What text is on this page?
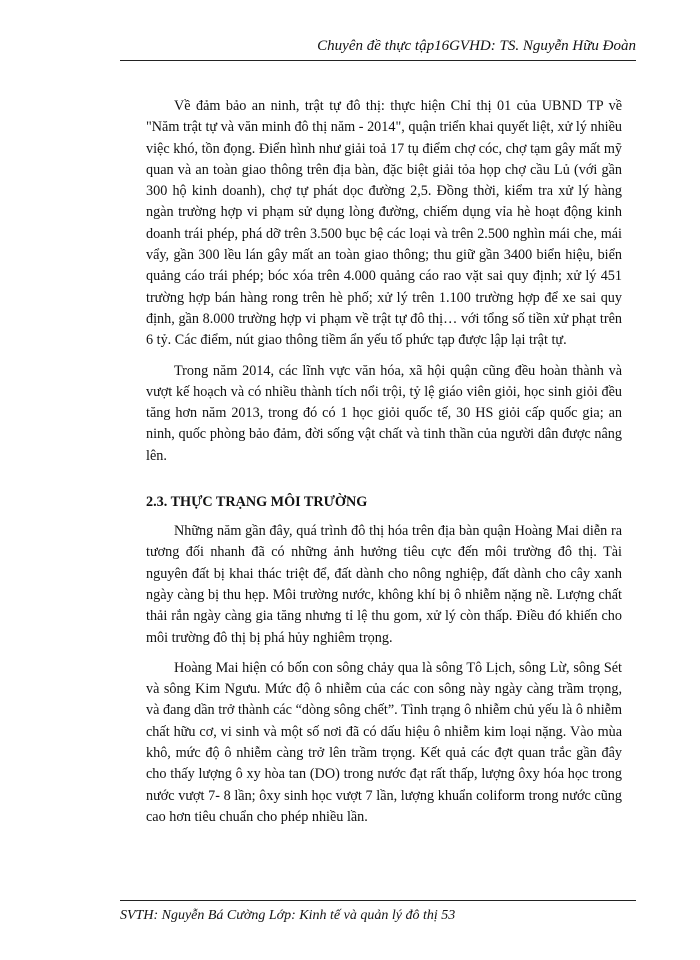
Chuyên đề thực tập16GVHD: TS. Nguyễn Hữu Đoàn

Về đảm bảo an ninh, trật tự đô thị: thực hiện Chỉ thị 01 của UBND TP về "Năm trật tự và văn minh đô thị năm - 2014", quận triển khai quyết liệt, xử lý nhiều việc khó, tồn đọng. Điển hình như giải toả 17 tụ điểm chợ cóc, chợ tạm gây mất mỹ quan và an toàn giao thông trên địa bàn, đặc biệt giải tỏa họp chợ cầu Lủ (với gần 300 hộ kinh doanh), chợ tự phát dọc đường 2,5. Đồng thời, kiểm tra xử lý hàng ngàn trường hợp vi phạm sử dụng lòng đường, chiếm dụng vỉa hè hoạt động kinh doanh trái phép, phá dỡ trên 3.500 bục bệ các loại và trên 2.500 nghìn mái che, mái vẩy, gần 300 lều lán gây mất an toàn giao thông; thu giữ gần 3400 biển hiệu, biển quảng cáo trái phép; bóc xóa trên 4.000 quảng cáo rao vặt sai quy định; xử lý 451 trường hợp bán hàng rong trên hè phố; xử lý trên 1.100 trường hợp để xe sai quy định, gần 8.000 trường hợp vi phạm về trật tự đô thị… với tổng số tiền xử phạt trên 6 tỷ. Các điểm, nút giao thông tiềm ẩn yếu tố phức tạp được lập lại trật tự.

Trong năm 2014, các lĩnh vực văn hóa, xã hội quận cũng đều hoàn thành và vượt kế hoạch và có nhiều thành tích nổi trội, tỷ lệ giáo viên giỏi, học sinh giỏi đều tăng hơn năm 2013, trong đó có 1 học giỏi quốc tế, 30 HS giỏi cấp quốc gia; an ninh, quốc phòng bảo đảm, đời sống vật chất và tinh thần của người dân được nâng lên.

2.3. THỰC TRẠNG MÔI TRƯỜNG

Những năm gần đây, quá trình đô thị hóa trên địa bàn quận Hoàng Mai diễn ra tương đối nhanh đã có những ảnh hưởng tiêu cực đến môi trường đô thị. Tài nguyên đất bị khai thác triệt để, đất dành cho nông nghiệp, đất dành cho cây xanh ngày càng bị thu hẹp. Môi trường nước, không khí bị ô nhiễm nặng nề. Lượng chất thải rắn ngày càng gia tăng nhưng tỉ lệ thu gom, xử lý còn thấp. Điều đó khiến cho môi trường đô thị bị phá hủy nghiêm trọng.

Hoàng Mai hiện có bốn con sông chảy qua là sông Tô Lịch, sông Lừ, sông Sét và sông Kim Ngưu. Mức độ ô nhiễm của các con sông này ngày càng trầm trọng, và đang dần trở thành các “dòng sông chết”. Tình trạng ô nhiễm chủ yếu là ô nhiễm chất hữu cơ, vi sinh và một số nơi đã có dấu hiệu ô nhiễm kim loại nặng. Vào mùa khô, mức độ ô nhiễm càng trở lên trầm trọng. Kết quả các đợt quan trắc gần đây cho thấy lượng ô xy hòa tan (DO) trong nước đạt rất thấp, lượng ôxy hóa học trong nước vượt 7- 8 lần; ôxy sinh học vượt 7 lần, lượng khuẩn coliform trong nước cũng cao hơn tiêu chuẩn cho phép nhiều lần.

SVTH: Nguyễn Bá Cường Lớp: Kinh tế và quản lý đô thị 53
